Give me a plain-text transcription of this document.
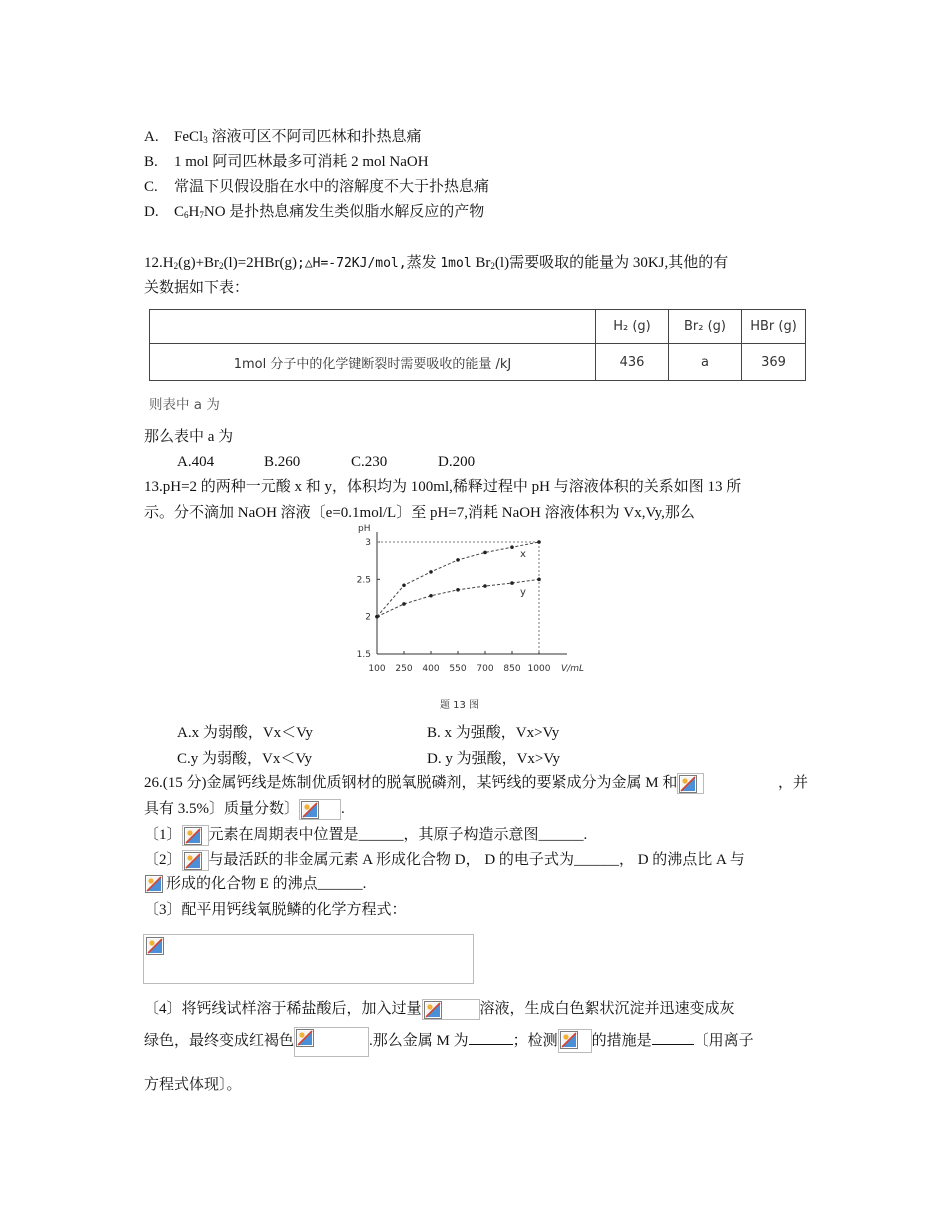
A. FeCl$_3$ 溶液可区不阿司匹林和扑热息痛
B. 1 mol 阿司匹林最多可消耗 2 mol NaOH
C. 常温下贝假设脂在水中的溶解度不大于扑热息痛
D. $C_6H_7NO$ 是扑热息痛发生类似脂水解反应的产物
$12.H_2(g)+Br_2(l)=2HBr(g);\triangle H=-72KJ$/mol,蒸发 1mol $Br_2(l)$需要吸取的能量为 30KJ,其他的有
关数据如下表：
	H₂ (g)	Br₂ (g)	HBr (g)
1mol 分子中的化学键断裂时需要吸收的能量 /kJ	436	a	369
则表中 a 为
那么表中 a 为
A.404	B.260	C.230	D.200
13.pH=2 的两种一元酸 x 和 y，体积均为 100ml,稀释过程中 pH 与溶液体积的关系如图 13 所
示。分不滴加 NaOH 溶液〔e=0.1mol/L〕至 pH=7,消耗 NaOH 溶液体积为 Vx,Vy,那么
pH
V/mL
100 250 400 550 700 850 1000
1.5
2
2.5
3
x
y
题 13 图
A.x 为弱酸，Vx＜Vy	B. x 为强酸，Vx>Vy
C.y 为弱酸，Vx＜Vy	D. y 为强酸，Vx>Vy
26.(15 分)金属钙线是炼制优质钢材的脱氧脱磷剂，某钙线的要紧成分为金属 M 和	，并
具有 3.5%〕质量分数〕	.
〔1〕 元素在周期表中位置是______，其原子构造示意图______.
〔2〕 与最活跃的非金属元素 A 形成化合物 D， D 的电子式为______， D 的沸点比 A 与
形成的化合物 E 的沸点______.
〔3〕配平用钙线氧脱鳞的化学方程式：
〔4〕将钙线试样溶于稀盐酸后，加入过量	溶液，生成白色絮状沉淀并迅速变成灰
绿色，最终变成红褐色	.那么金属 M 为	；检测 的措施是	〔用离子
方程式体现〕。
